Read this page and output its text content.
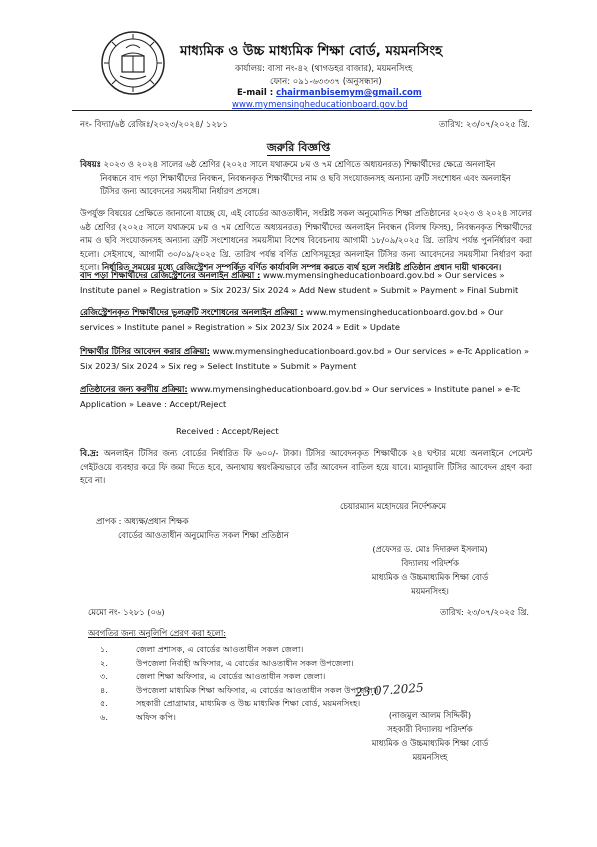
মাধ্যমিক ও উচ্চ মাধ্যমিক শিক্ষা বোর্ড, ময়মনসিংহ
কার্যালয়: বাসা নং-৪২ (থাগডহর বাজার), ময়মনসিংহ
ফোন: ০৯১-৬৩৩৩৭ (অনুসন্ধান)
E-mail : chairmanbisemym@gmail.com
www.mymensingheducationboard.gov.bd
নং- বিদ্যা/৬ষ্ঠ রেজিঃ/২০২৩/২০২৪/ ১২৮১	তারিখ: ২৩/০৭/২০২৫ খ্রি.
জরুরি বিজ্ঞপ্তি
বিষয়ঃ ২০২৩ ও ২০২৪ সালের ৬ষ্ঠ শ্রেণির (২০২৫ সালে যথাক্রমে ৮ম ও ৭ম শ্রেণিতে অধ্যয়নরত) শিক্ষার্থীদের ক্ষেত্রে অনলাইন
নিবন্ধনে বাদ পড়া শিক্ষার্থীদের নিবন্ধন, নিবন্ধনকৃত শিক্ষার্থীদের নাম ও ছবি সংযোজনসহ অন্যান্য ত্রুটি সংশোধন এবং অনলাইন
টিসির জন্য আবেদনের সময়সীমা নির্ধারণ প্রসঙ্গে।
উপর্যুক্ত বিষয়ের প্রেক্ষিতে জানানো যাচ্ছে যে, এই বোর্ডের আওতাধীন, সংশ্লিষ্ট সকল অনুমোদিত শিক্ষা প্রতিষ্ঠানের ২০২৩ ও ২০২৪ সালের ৬ষ্ঠ শ্রেণির (২০২৫ সালে যথাক্রমে ৮ম ও ৭ম শ্রেণিতে অধ্যয়নরত) শিক্ষার্থীদের অনলাইন নিবন্ধন (বিলম্ব ফিসহ), নিবন্ধনকৃত শিক্ষার্থীদের নাম ও ছবি সংযোজনসহ অন্যান্য ত্রুটি সংশোধনের সময়সীমা বিশেষ বিবেচনায় আগামী ১৮/০৯/২০২৫ খ্রি. তারিখ পর্যন্ত পুনর্নির্ধারণ করা হলো। সেইসাথে, আগামী ৩০/০৯/২০২৫ খ্রি. তারিখ পর্যন্ত বর্ণিত শ্রেণিসমূহের অনলাইন টিসির জন্য আবেদনের সময়সীমা নির্ধারণ করা হলো। নির্ধারিত সময়ের মধ্যে রেজিস্ট্রেশন সম্পর্কিত বর্ণিত কার্যাবলি সম্পন্ন করতে ব্যর্থ হলে সংশ্লিষ্ট প্রতিষ্ঠান প্রধান দায়ী থাকবেন।
বাদ পড়া শিক্ষার্থীদের রেজিস্ট্রেশনের অনলাইন প্রক্রিয়া : www.mymensingheducationboard.gov.bd » Our services » Institute panel » Registration » Six 2023/ Six 2024 » Add New student » Submit » Payment » Final Submit
রেজিস্ট্রেশনকৃত শিক্ষার্থীদের ভুলত্রুটি সংশোধনের অনলাইন প্রক্রিয়া : www.mymensingheducationboard.gov.bd » Our services » Institute panel » Registration » Six 2023/ Six 2024 » Edit » Update
শিক্ষার্থীর টিসির আবেদন করার প্রক্রিয়া: www.mymensingheducationboard.gov.bd » Our services » e-Tc Application » Six 2023/ Six 2024 » Six reg » Select Institute » Submit » Payment
প্রতিষ্ঠানের জন্য করণীয় প্রক্রিয়া: www.mymensingheducationboard.gov.bd » Our services » Institute panel » e-Tc Application » Leave : Accept/Reject
Received : Accept/Reject
বি.দ্র: অনলাইন টিসির জন্য বোর্ডের নির্ধারিত ফি ৬০০/- টাকা। টিসির আবেদনকৃত শিক্ষার্থীকে ২৪ ঘণ্টার মধ্যে অনলাইনে পেমেন্ট গেইটওয়ে ব্যবহার করে ফি জমা দিতে হবে, অন্যথায় স্বয়ংক্রিয়ভাবে তাঁর আবেদন বাতিল হয়ে যাবে। ম্যানুয়ালি টিসির আবেদন গ্রহণ করা হবে না।
চেয়ারম্যান মহোদয়ের নির্দেশক্রমে
প্রাপক : অধ্যক্ষ/প্রধান শিক্ষক
বোর্ডের আওতাধীন অনুমোদিত সকল শিক্ষা প্রতিষ্ঠান
(প্রফেসর ড. মোঃ দিদারুল ইসলাম)
বিদ্যালয় পরিদর্শক
মাধ্যমিক ও উচ্চমাধ্যমিক শিক্ষা বোর্ড
ময়মনসিংহ।
মেমো নং- ১২৮১ (০৬)	তারিখ: ২৩/০৭/২০২৫ খ্রি.
অবগতির জন্য অনুলিপি প্রেরণ করা হলো:
১.	জেলা প্রশাসক, এ বোর্ডের আওতাধীন সকল জেলা।
২.	উপজেলা নির্বাহী অফিসার, এ বোর্ডের আওতাধীন সকল উপজেলা।
৩.	জেলা শিক্ষা অফিসার, এ বোর্ডের আওতাধীন সকল জেলা।
৪.	উপজেলা মাধ্যমিক শিক্ষা অফিসার, এ বোর্ডের আওতাধীন সকল উপজেলা।
৫.	সহকারী প্রোগ্রামার, মাধ্যমিক ও উচ্চ মাধ্যমিক শিক্ষা বোর্ড, ময়মনসিংহ।
৬.	অফিস কপি।
23.07.2025
(নাজমুল আলম সিদ্দিকী)
সহকারী বিদ্যালয় পরিদর্শক
মাধ্যমিক ও উচ্চমাধ্যমিক শিক্ষা বোর্ড
ময়মনসিংহ
